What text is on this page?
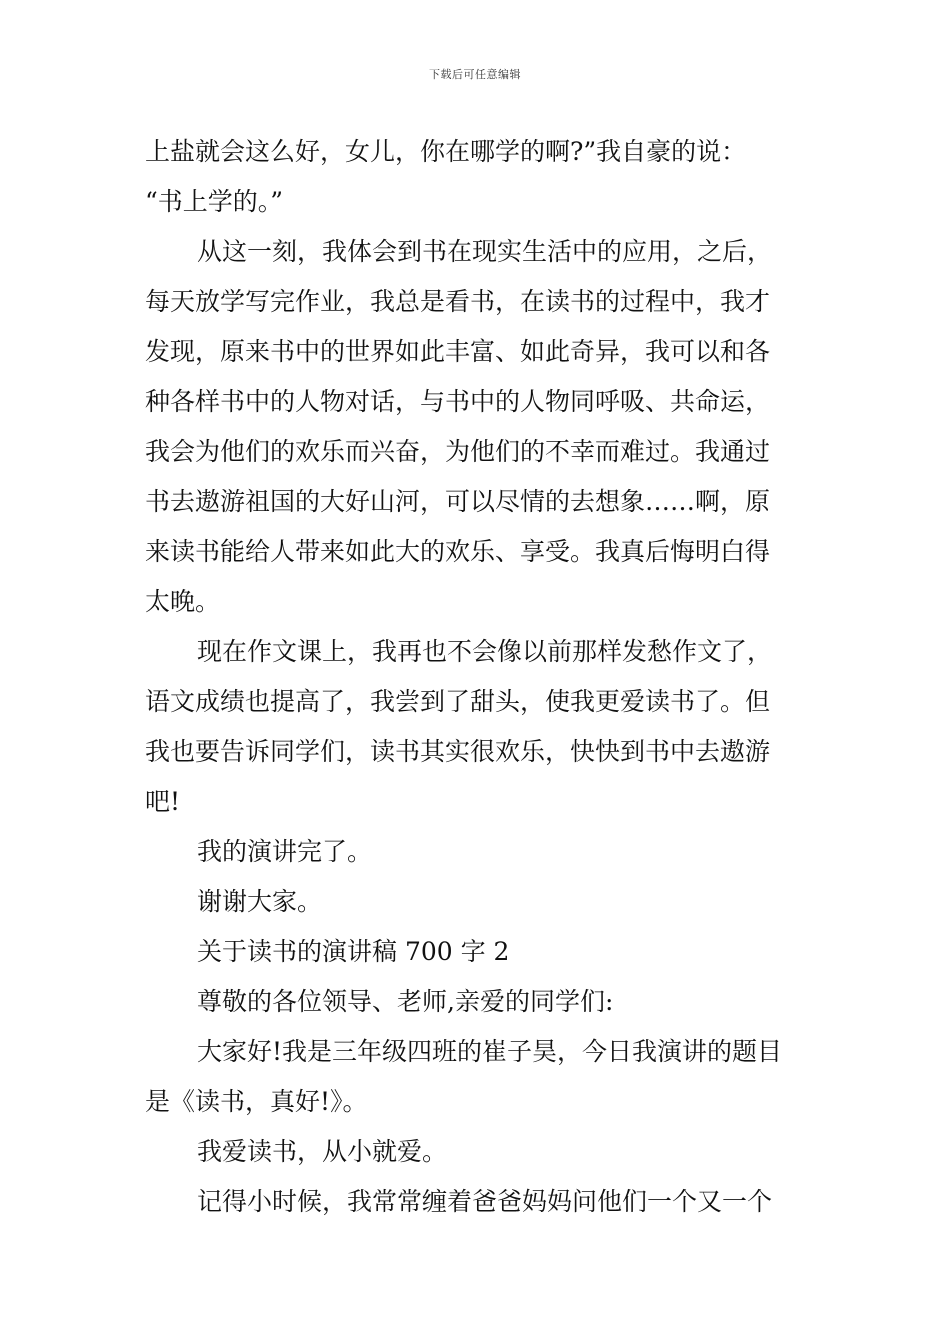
下载后可任意编辑
上盐就会这么好，女儿，你在哪学的啊?”我自豪的说：
“书上学的。”
从这一刻，我体会到书在现实生活中的应用，之后，
每天放学写完作业，我总是看书，在读书的过程中，我才
发现，原来书中的世界如此丰富、如此奇异，我可以和各
种各样书中的人物对话，与书中的人物同呼吸、共命运，
我会为他们的欢乐而兴奋，为他们的不幸而难过。我通过
书去遨游祖国的大好山河，可以尽情的去想象……啊，原
来读书能给人带来如此大的欢乐、享受。我真后悔明白得
太晚。
现在作文课上，我再也不会像以前那样发愁作文了，
语文成绩也提高了，我尝到了甜头，使我更爱读书了。但
我也要告诉同学们，读书其实很欢乐，快快到书中去遨游
吧!
我的演讲完了。
谢谢大家。
关于读书的演讲稿 700 字 2
尊敬的各位领导、老师,亲爱的同学们:
大家好!我是三年级四班的崔子昊，今日我演讲的题目
是《读书，真好!》。
我爱读书，从小就爱。
记得小时候，我常常缠着爸爸妈妈问他们一个又一个
